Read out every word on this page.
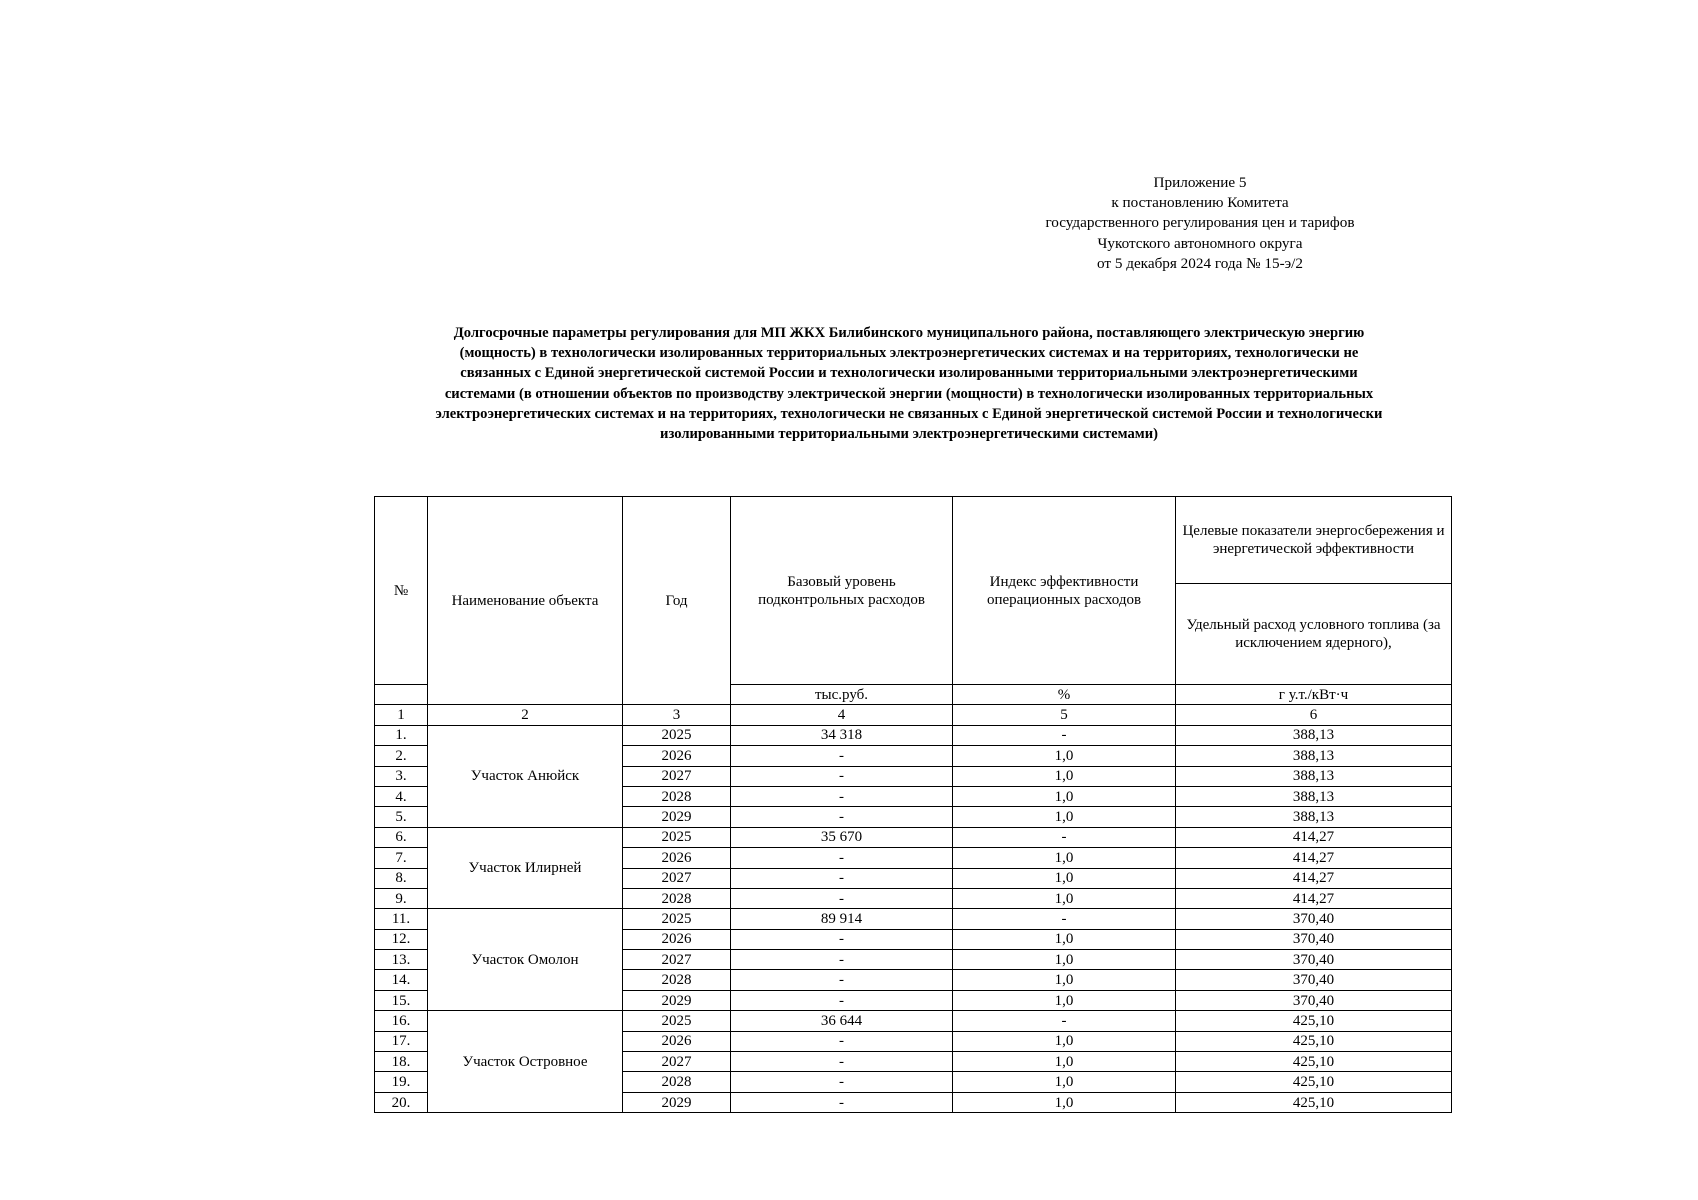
Приложение 5
к постановлению Комитета
государственного регулирования цен и тарифов
Чукотского автономного округа
от 5 декабря 2024 года № 15-э/2
Долгосрочные параметры регулирования для МП ЖКХ Билибинского муниципального района, поставляющего электрическую энергию
(мощность) в технологически изолированных территориальных электроэнергетических системах и на территориях, технологически не
связанных с Единой энергетической системой России и технологически изолированными территориальными электроэнергетическими
системами (в отношении объектов по производству электрической энергии (мощности) в технологически изолированных территориальных
электроэнергетических системах и на территориях, технологически не связанных с Единой энергетической системой России и технологически
изолированными территориальными электроэнергетическими системами)
№	Наименование объекта	Год	Базовый уровень подконтрольных расходов	Индекс эффективности операционных расходов	Целевые показатели энергосбережения и энергетической эффективности

					Удельный расход условного топлива (за исключением ядерного),

			тыс.руб.	%	г у.т./кВт·ч
1	2	3	4	5	6
1.	Участок Анюйск	2025	34 318	-	388,13
2.		2026	-	1,0	388,13
3.		2027	-	1,0	388,13
4.		2028	-	1,0	388,13
5.		2029	-	1,0	388,13
6.	Участок Илирней	2025	35 670	-	414,27
7.		2026	-	1,0	414,27
8.		2027	-	1,0	414,27
9.		2028	-	1,0	414,27
11.	Участок Омолон	2025	89 914	-	370,40
12.		2026	-	1,0	370,40
13.		2027	-	1,0	370,40
14.		2028	-	1,0	370,40
15.		2029	-	1,0	370,40
16.	Участок Островное	2025	36 644	-	425,10
17.		2026	-	1,0	425,10
18.		2027	-	1,0	425,10
19.		2028	-	1,0	425,10
20.		2029	-	1,0	425,10
